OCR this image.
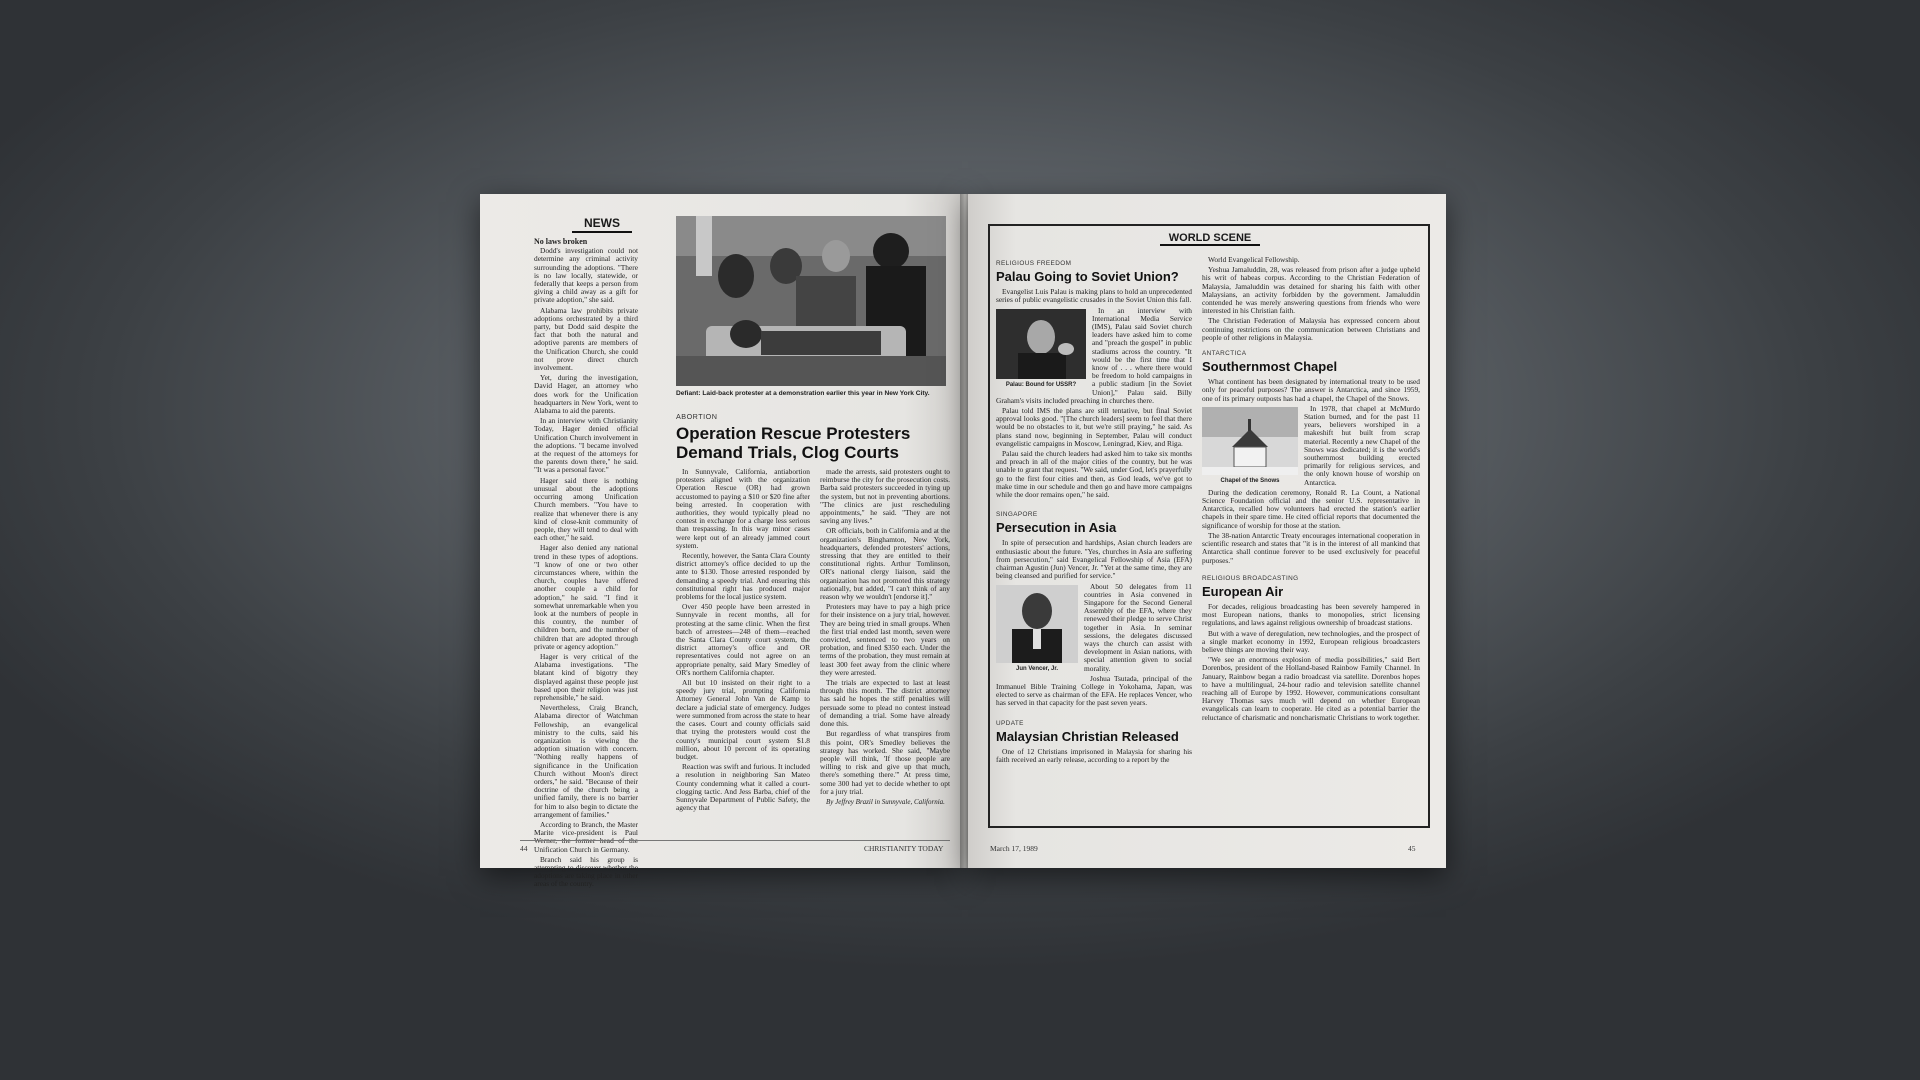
NEWS
No laws broken

Dodd's investigation could not determine any criminal activity surrounding the adoptions. "There is no law locally, statewide, or federally that keeps a person from giving a child away as a gift for private adoption," she said.

Alabama law prohibits private adoptions orchestrated by a third party, but Dodd said despite the fact that both the natural and adoptive parents are members of the Unification Church, she could not prove direct church involvement.

Yet, during the investigation, David Hager, an attorney who does work for the Unification headquarters in New York, went to Alabama to aid the parents.

In an interview with Christianity Today, Hager denied official Unification Church involvement in the adoptions. "I became involved at the request of the attorneys for the parents down there," he said. "It was a personal favor."

Hager said there is nothing unusual about the adoptions occurring among Unification Church members. "You have to realize that whenever there is any kind of close-knit community of people, they will tend to deal with each other," he said.

Hager also denied any national trend in these types of adoptions. "I know of one or two other circumstances where, within the church, couples have offered another couple a child for adoption," he said. "I find it somewhat unremarkable when you look at the numbers of people in this country, the number of children born, and the number of children that are adopted through private or agency adoption."

Hager is very critical of the Alabama investigations. "The blatant kind of bigotry they displayed against these people just based upon their religion was just reprehensible," he said.

Nevertheless, Craig Branch, Alabama director of Watchman Fellowship, an evangelical ministry to the cults, said his organization is viewing the adoption situation with concern. "Nothing really happens of significance in the Unification Church without Moon's direct orders," he said. "Because of their doctrine of the church being a unified family, there is no barrier for him to also begin to dictate the arrangement of families."

According to Branch, the Master Marite vice-president is Paul Unification Church in Germany.

Branch said his group is attempting to discover whether the adoptions are taking place in other areas of the country.

Defiant: Laid-back protester at a demonstration earlier this year in New York City.
ABORTION
Operation Rescue Protesters Demand Trials, Clog Courts

In Sunnyvale, California, antiabortion protesters aligned with the organization Operation Rescue (OR) had grown accustomed to paying a $10 or $20 fine after being arrested. In cooperation with authorities, they would typically plead no contest in exchange for a charge less serious than trespassing. In this way minor cases were kept out of an already jammed court system.

Recently, however, the Santa Clara County district attorney's office decided to up the ante to $130. Those arrested responded by demanding a speedy trial. And ensuring this constitutional right has produced major problems for the local justice system.

Over 450 people have been arrested in Sunnyvale in recent months, all for protesting at the same clinic. When the first batch of arrestees—248 of them—reached the Santa Clara County court system, the district attorney's office and OR representatives could not agree on an appropriate penalty, said Mary Smedley of OR's northern California chapter.

All but 10 insisted on their right to a speedy jury trial, prompting California Attorney General John Van de Kamp to declare a judicial state of emergency. Judges were summoned from across the state to hear the cases. Court and county officials said that trying the protesters would cost the county's municipal court system $1.8 million, about 10 percent of its operating budget.

Reaction was swift and furious. It included a resolution in neighboring San Mateo County condemning what it called a court-clogging tactic. And Jess Barba, chief of the Sunnyvale Department of Public Safety, the agency that

made the arrests, said protesters ought to reimburse the city for the prosecution costs. Barba said protesters succeeded in tying up the system, but not in preventing abortions. "The clinics are just rescheduling appointments," he said. "They are not saving any lives."

OR officials, both in California and at the organization's Binghamton, New York, headquarters, defended protesters' actions, stressing that they are entitled to their constitutional rights. Arthur Tomlinson, OR's national clergy liaison, said the organization has not promoted this strategy nationally, but added, "I can't think of any reason why we wouldn't [endorse it]."

Protesters may have to pay a high price for their insistence on a jury trial, however. They are being tried in small groups. When the first trial ended last month, seven were convicted, sentenced to two years on probation, and fined $350 each. Under the terms of the probation, they must remain at least 300 feet away from the clinic where they were arrested.

The trials are expected to last at least through this month. The district attorney has said he hopes the stiff penalties will persuade some to plead no contest instead of demanding a trial. Some have already done this.

But regardless of what transpires from this point, OR's Smedley believes the strategy has worked. She said, "Maybe people will think, 'If those people are willing to risk and give up that much, there's something there.'" At press time, some 300 had yet to decide whether to opt for a jury trial.

By Jeffrey Brazil in Sunnyvale, California.

44	CHRISTIANITY TODAY
WORLD SCENE
RELIGIOUS FREEDOM
Palau Going to Soviet Union?

Evangelist Luis Palau is making plans to hold an unprecedented series of public evangelistic crusades in the Soviet Union this fall.

Palau: Bound for USSR?

In an interview with International Media Service (IMS), Palau said Soviet church leaders have asked him to come and "preach the gospel" in public stadiums across the country. "It would be the first time that I know of . . . where there would be freedom to hold campaigns in a public stadium [in the Soviet Union]," Palau said. Billy Graham's visits included preaching in churches there.

Palau told IMS the plans are still tentative, but final Soviet approval looks good. "[The church leaders] seem to feel that there would be no obstacles to it, but we're still praying," he said. As plans stand now, beginning in September, Palau will conduct evangelistic campaigns in Moscow, Leningrad, Kiev, and Riga.

Palau said the church leaders had asked him to take six months and preach in all of the major cities of the country, but he was unable to grant that request. "We said, under God, let's prayerfully go to the first four cities and then, as God leads, we've got to make time in our schedule and then go and have more campaigns while the door remains open," he said.

SINGAPORE
Persecution in Asia

In spite of persecution and hardships, Asian church leaders are enthusiastic about the future. "Yes, churches in Asia are suffering from persecution," said Evangelical Fellowship of Asia (EFA) chairman Agustin (Jun) Vencer, Jr. "Yet at the same time, they are being cleansed and purified for service."

Jun Vencer, Jr.

About 50 delegates from 11 countries in Asia convened in Singapore for the Second General Assembly of the EFA, where they renewed their pledge to serve Christ together in Asia. In seminar sessions, the delegates discussed ways the church can assist with development in Asian nations, with special attention given to social morality.

Joshua Tsutada, principal of the Immanuel Bible Training College in Yokohama, Japan, was elected to serve as chairman of the EFA. He replaces Vencer, who has served in that capacity for the past seven years.

UPDATE
Malaysian Christian Released

One of 12 Christians imprisoned in Malaysia for sharing his faith received an early release, according to a report by the

World Evangelical Fellowship.

Yeshua Jamaluddin, 28, was released from prison after a judge upheld his writ of habeas corpus. According to the Christian Federation of Malaysia, Jamaluddin was detained for sharing his faith with other Malaysians, an activity forbidden by the government. Jamaluddin contended he was merely answering questions from friends who were interested in his Christian faith.

The Christian Federation of Malaysia has expressed concern about continuing restrictions on the communication between Christians and people of other religions in Malaysia.

ANTARCTICA
Southernmost Chapel

What continent has been designated by international treaty to be used only for peaceful purposes? The answer is Antarctica, and since 1959, one of its primary outposts has had a chapel, the Chapel of the Snows.

Chapel of the Snows

In 1978, that chapel at McMurdo Station burned, and for the past 11 years, believers worshiped in a makeshift hut built from scrap material. Recently a new Chapel of the Snows was dedicated; it is the world's southernmost building erected primarily for religious services, and the only known house of worship on Antarctica.

During the dedication ceremony, Ronald R. La Count, a National Science Foundation official and the senior U.S. representative in Antarctica, recalled how volunteers had erected the station's earlier chapels in their spare time. He cited official reports that documented the significance of worship for those at the station.

The 38-nation Antarctic Treaty encourages international cooperation in scientific research and states that "it is in the interest of all mankind that Antarctica shall continue forever to be used exclusively for peaceful purposes."

RELIGIOUS BROADCASTING
European Air

For decades, religious broadcasting has been severely hampered in most European nations, thanks to monopolies, strict licensing regulations, and laws against religious ownership of broadcast stations.

But with a wave of deregulation, new technologies, and the prospect of a single market economy in 1992, European religious broadcasters believe things are moving their way.

"We see an enormous explosion of media possibilities," said Bert Dorenbos, president of the Holland-based Rainbow Family Channel. In January, Rainbow began a radio broadcast via satellite. Dorenbos hopes to have a multilingual, 24-hour radio and television satellite channel reaching all of Europe by 1992. However, communications consultant Harvey Thomas says much will depend on whether European evangelicals can learn to cooperate. He cited as a potential barrier the reluctance of charismatic and noncharismatic Christians to work together.

March 17, 1989	45
